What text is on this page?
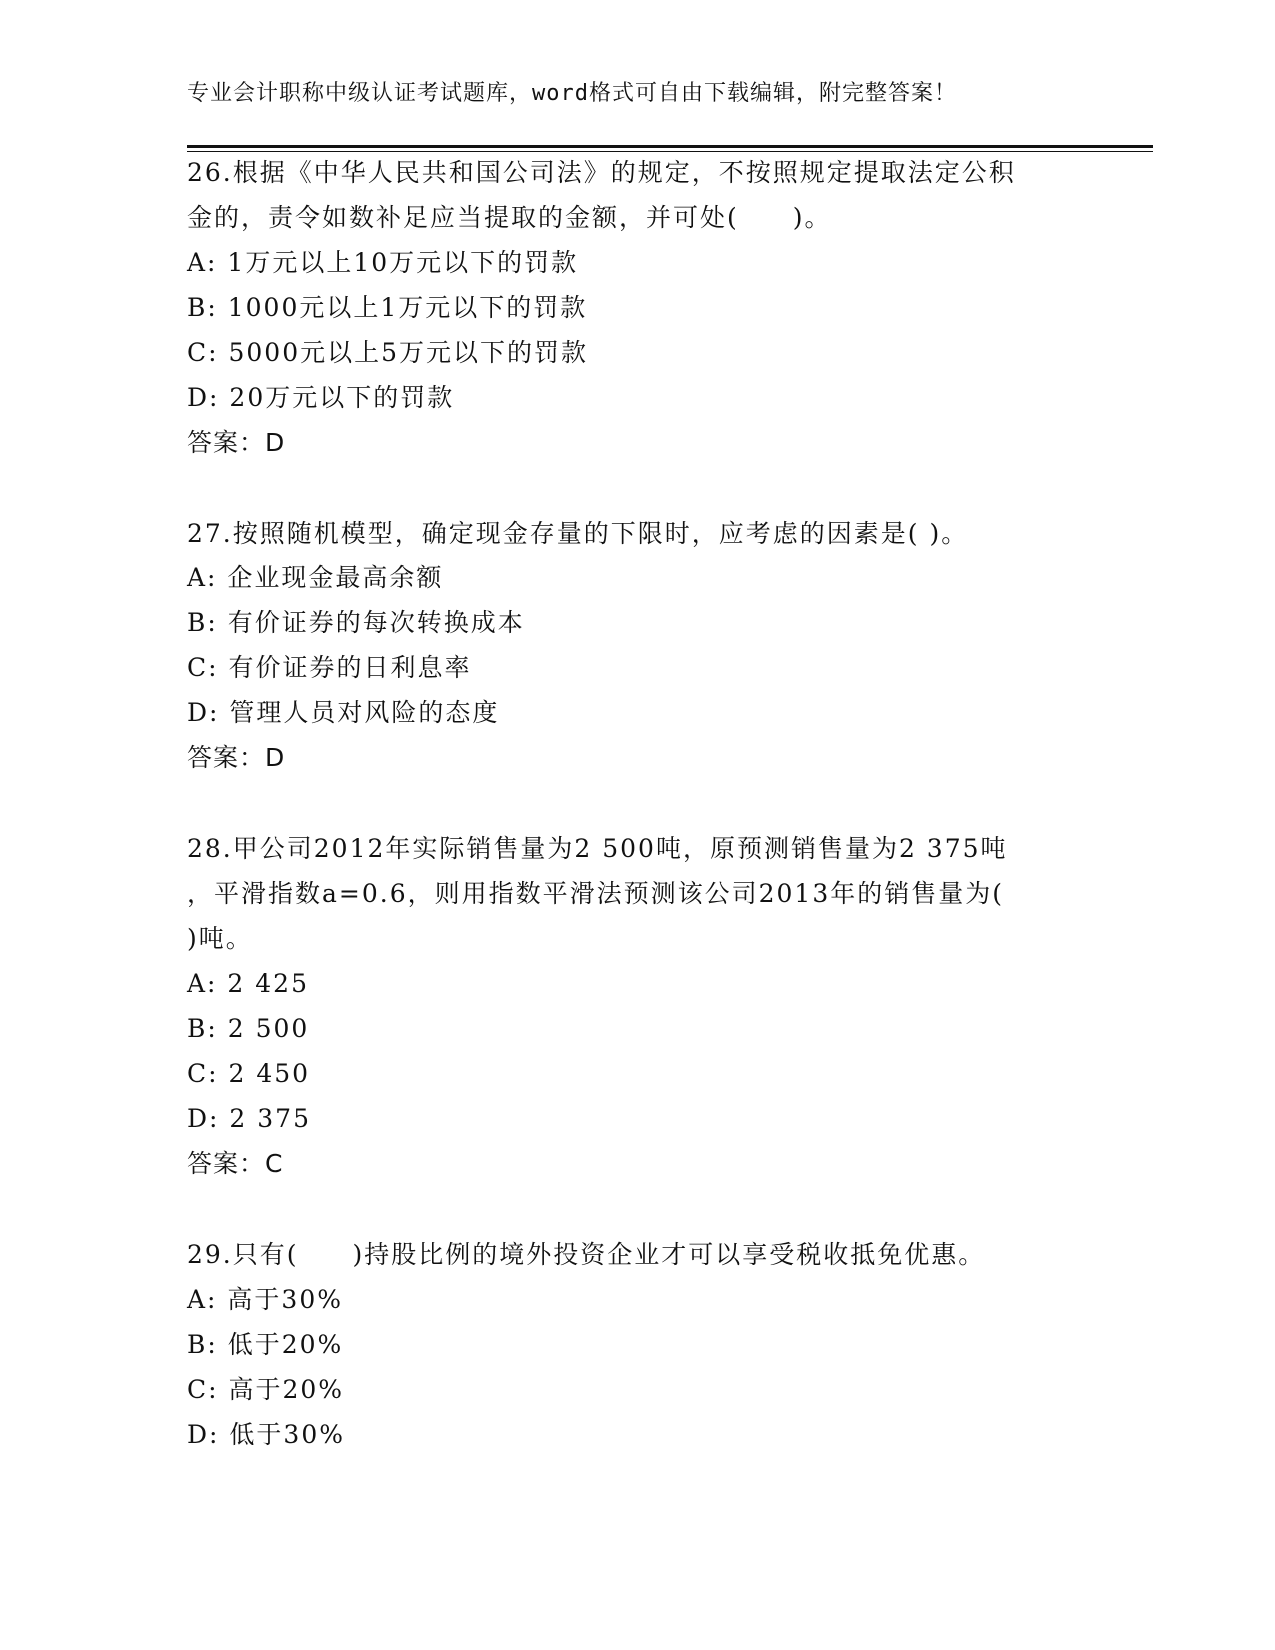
专业会计职称中级认证考试题库，word格式可自由下载编辑，附完整答案！
26.根据《中华人民共和国公司法》的规定，不按照规定提取法定公积
金的，责令如数补足应当提取的金额，并可处(　　)。
A: 1万元以上10万元以下的罚款
B: 1000元以上1万元以下的罚款
C: 5000元以上5万元以下的罚款
D: 20万元以下的罚款
答案：D
27.按照随机模型，确定现金存量的下限时，应考虑的因素是( )。
A: 企业现金最高余额
B: 有价证券的每次转换成本
C: 有价证券的日利息率
D: 管理人员对风险的态度
答案：D
28.甲公司2012年实际销售量为2 500吨，原预测销售量为2 375吨
，平滑指数a=0.6，则用指数平滑法预测该公司2013年的销售量为(
)吨。
A: 2 425
B: 2 500
C: 2 450
D: 2 375
答案：C
29.只有(　　)持股比例的境外投资企业才可以享受税收抵免优惠。
A: 高于30%
B: 低于20%
C: 高于20%
D: 低于30%
